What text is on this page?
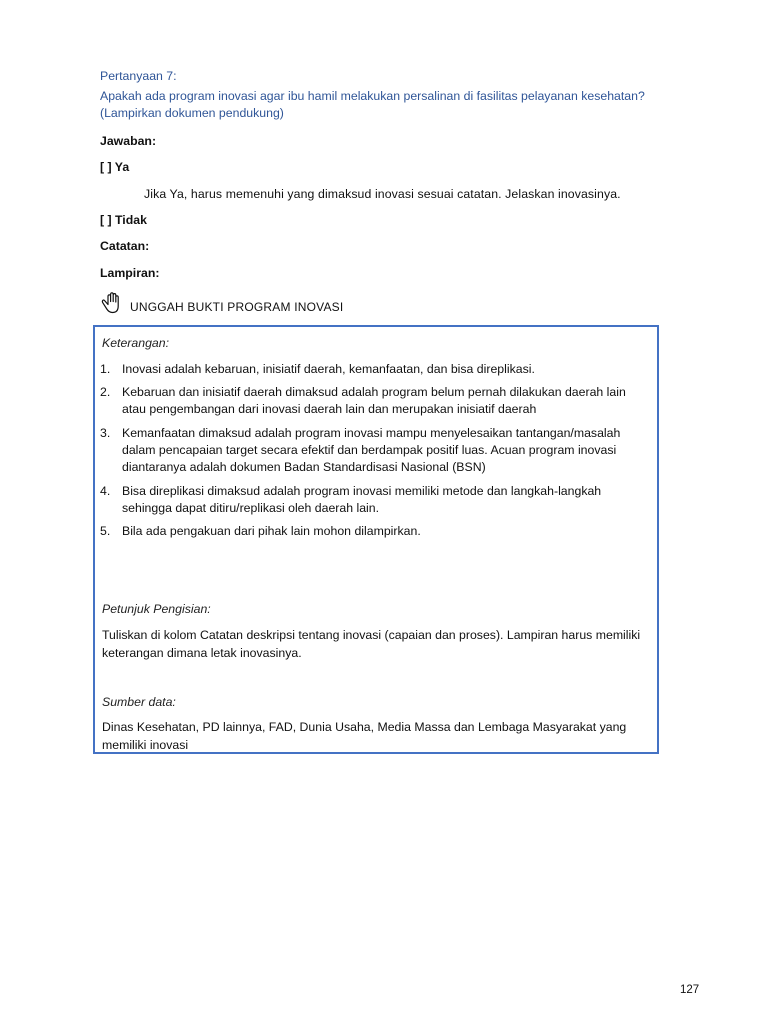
Pertanyaan 7:
Apakah ada program inovasi agar ibu hamil melakukan persalinan di fasilitas pelayanan kesehatan?
(Lampirkan dokumen pendukung)
Jawaban:
[ ] Ya
Jika Ya, harus memenuhi yang dimaksud inovasi sesuai catatan. Jelaskan inovasinya.
[ ] Tidak
Catatan:
Lampiran:
UNGGAH BUKTI PROGRAM INOVASI
Keterangan:
1. Inovasi adalah kebaruan, inisiatif daerah, kemanfaatan, dan bisa direplikasi.
2. Kebaruan dan inisiatif daerah dimaksud adalah program belum pernah dilakukan daerah lain atau pengembangan dari inovasi daerah lain dan merupakan inisiatif daerah
3. Kemanfaatan dimaksud adalah program inovasi mampu menyelesaikan tantangan/masalah dalam pencapaian target secara efektif dan berdampak positif luas. Acuan program inovasi diantaranya adalah dokumen Badan Standardisasi Nasional (BSN)
4. Bisa direplikasi dimaksud adalah program inovasi memiliki metode dan langkah-langkah sehingga dapat ditiru/replikasi oleh daerah lain.
5. Bila ada pengakuan dari pihak lain mohon dilampirkan.
Petunjuk Pengisian:
Tuliskan di kolom Catatan deskripsi tentang inovasi (capaian dan proses). Lampiran harus memiliki keterangan dimana letak inovasinya.
Sumber data:
Dinas Kesehatan, PD lainnya, FAD, Dunia Usaha, Media Massa dan Lembaga Masyarakat yang memiliki inovasi
127
